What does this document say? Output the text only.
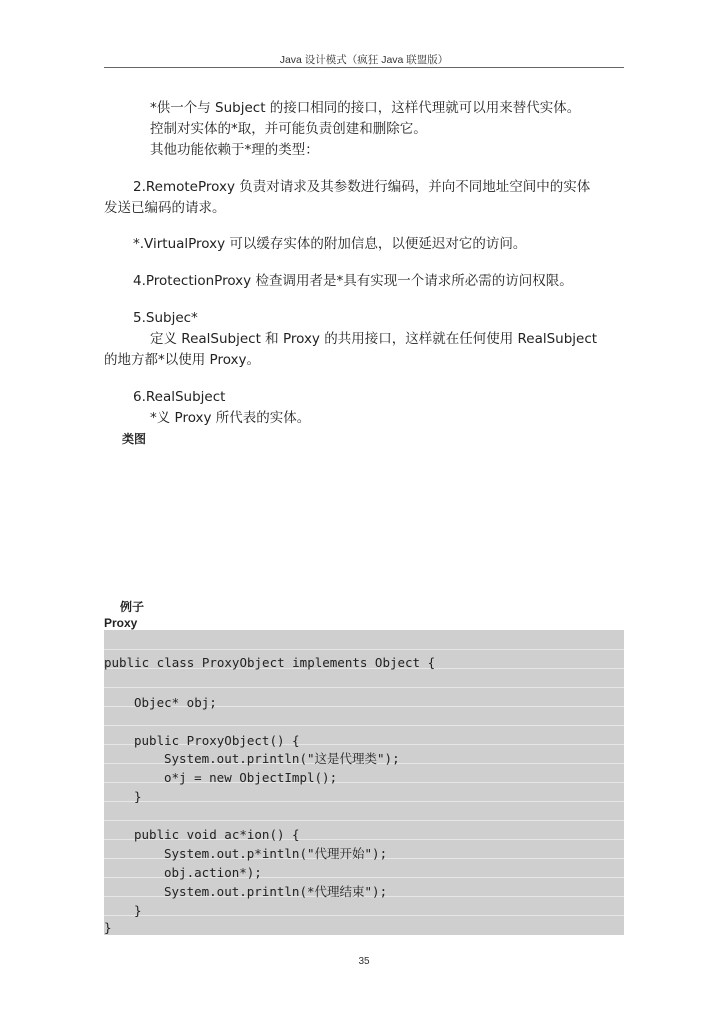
Java 设计模式（疯狂 Java 联盟版）
*供一个与 Subject 的接口相同的接口，这样代理就可以用来替代实体。
控制对实体的*取，并可能负责创建和删除它。
其他功能依赖于*理的类型：
2.RemoteProxy 负责对请求及其参数进行编码，并向不同地址空间中的实体
发送已编码的请求。
*.VirtualProxy 可以缓存实体的附加信息，以便延迟对它的访问。
4.ProtectionProxy 检查调用者是*具有实现一个请求所必需的访问权限。
5.Subjec*
定义 RealSubject 和 Proxy 的共用接口，这样就在任何使用 RealSubject
的地方都*以使用 Proxy。
6.RealSubject
*义 Proxy 所代表的实体。
类图
例子
Proxy
public class ProxyObject implements Object {
Objec* obj;
public ProxyObject() {
System.out.println("这是代理类");
o*j = new ObjectImpl();
}
public void ac*ion() {
System.out.p*intln("代理开始");
obj.action*);
System.out.println(*代理结束");
}
}
35
